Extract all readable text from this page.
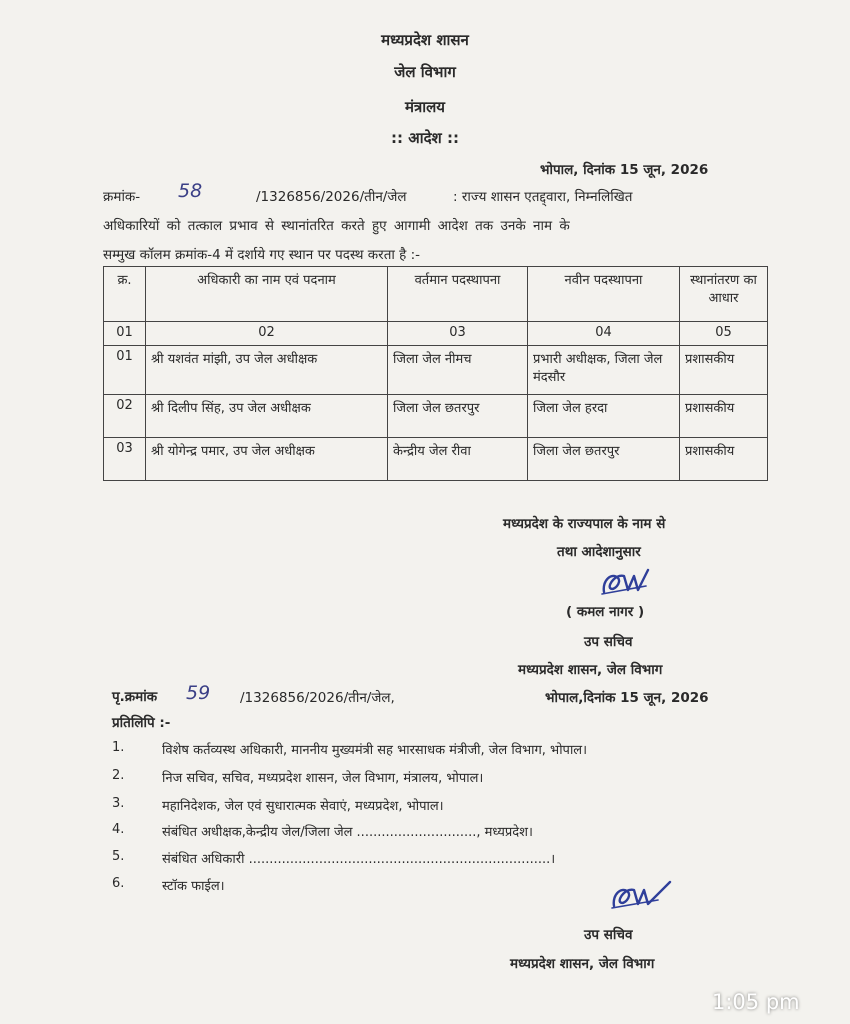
मध्यप्रदेश शासन
जेल विभाग
मंत्रालय
:: आदेश ::
भोपाल, दिनांक 15 जून, 2026
क्रमांक- 58	/1326856/2026/तीन/जेल	: राज्य शासन एतद्द्वारा, निम्नलिखित
अधिकारियों को तत्काल प्रभाव से स्थानांतरित करते हुए आगामी आदेश तक उनके नाम के
सम्मुख कॉलम क्रमांक-4 में दर्शाये गए स्थान पर पदस्थ करता है :-
क्र.	अधिकारी का नाम एवं पदनाम	वर्तमान पदस्थापना	नवीन पदस्थापना	स्थानांतरण का आधार
01	02	03	04	05
01	श्री यशवंत मांझी, उप जेल अधीक्षक	जिला जेल नीमच	प्रभारी अधीक्षक, जिला जेल मंदसौर	प्रशासकीय
02	श्री दिलीप सिंह, उप जेल अधीक्षक	जिला जेल छतरपुर	जिला जेल हरदा	प्रशासकीय
03	श्री योगेन्द्र पमार, उप जेल अधीक्षक	केन्द्रीय जेल रीवा	जिला जेल छतरपुर	प्रशासकीय
मध्यप्रदेश के राज्यपाल के नाम से
तथा आदेशानुसार
( कमल नागर )
उप सचिव
मध्यप्रदेश शासन, जेल विभाग
पृ.क्रमांक 59 /1326856/2026/तीन/जेल,	भोपाल,दिनांक 15 जून, 2026
प्रतिलिपि :-
1.	विशेष कर्तव्यस्थ अधिकारी, माननीय मुख्यमंत्री सह भारसाधक मंत्रीजी, जेल विभाग, भोपाल।
2.	निज सचिव, सचिव, मध्यप्रदेश शासन, जेल विभाग, मंत्रालय, भोपाल।
3.	महानिदेशक, जेल एवं सुधारात्मक सेवाएं, मध्यप्रदेश, भोपाल।
4.	संबंधित अधीक्षक,केन्द्रीय जेल/जिला जेल ............................., मध्यप्रदेश।
5.	संबंधित अधिकारी .........................................................................।
6.	स्टॉक फाईल।
उप सचिव
मध्यप्रदेश शासन, जेल विभाग
1:05 pm
